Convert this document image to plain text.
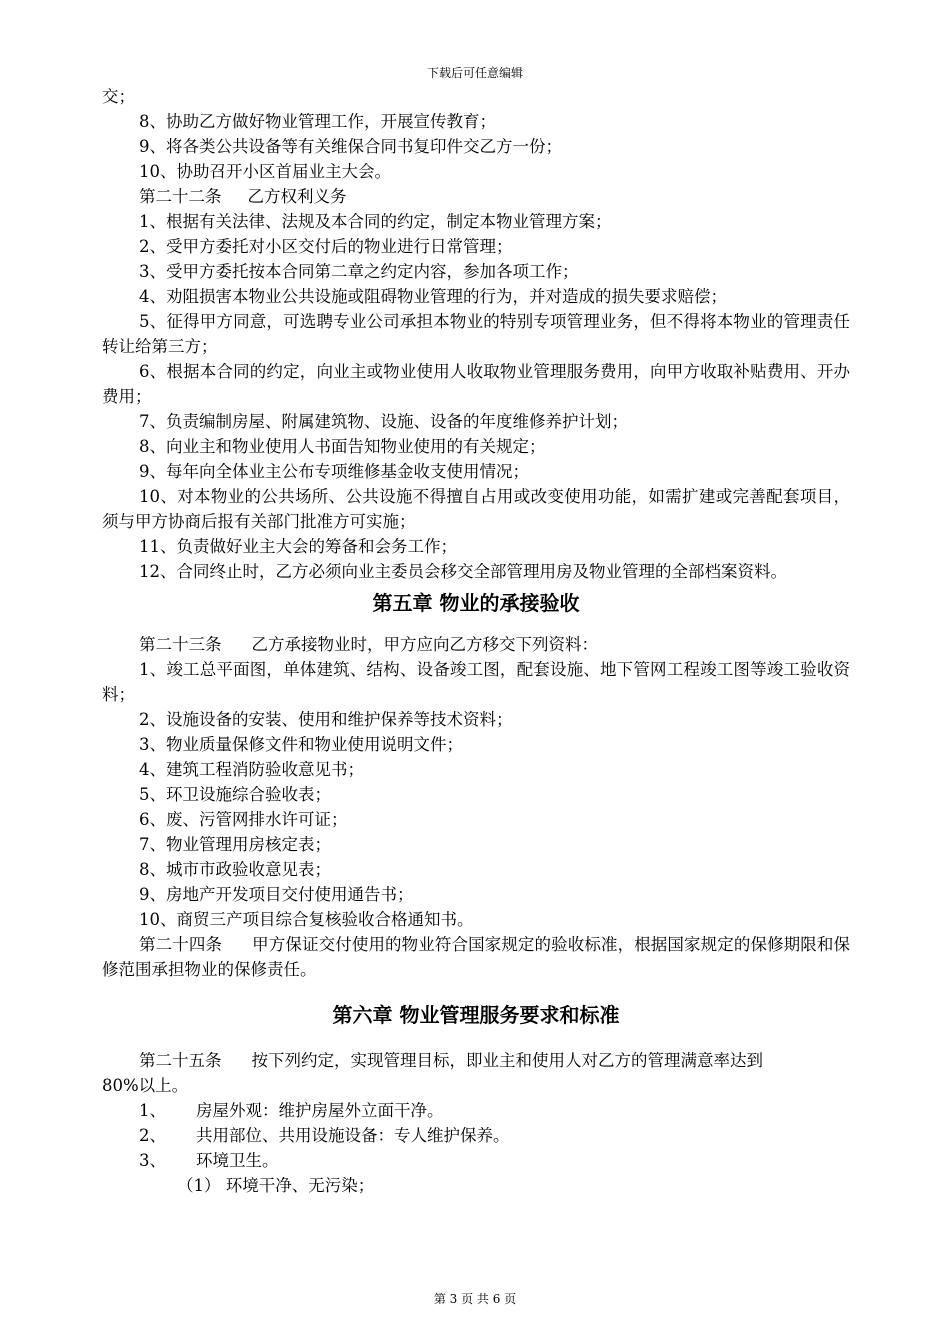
下载后可任意编辑
交；
8、协助乙方做好物业管理工作，开展宣传教育；
9、将各类公共设备等有关维保合同书复印件交乙方一份；
10、协助召开小区首届业主大会。
第二十二条 乙方权利义务
1、根据有关法律、法规及本合同的约定，制定本物业管理方案；
2、受甲方委托对小区交付后的物业进行日常管理；
3、受甲方委托按本合同第二章之约定内容，参加各项工作；
4、劝阻损害本物业公共设施或阻碍物业管理的行为，并对造成的损失要求赔偿；
5、征得甲方同意，可选聘专业公司承担本物业的特别专项管理业务，但不得将本物业的管理责任转让给第三方；
6、根据本合同的约定，向业主或物业使用人收取物业管理服务费用，向甲方收取补贴费用、开办费用；
7、负责编制房屋、附属建筑物、设施、设备的年度维修养护计划；
8、向业主和物业使用人书面告知物业使用的有关规定；
9、每年向全体业主公布专项维修基金收支使用情况；
10、对本物业的公共场所、公共设施不得擅自占用或改变使用功能，如需扩建或完善配套项目，须与甲方协商后报有关部门批准方可实施；
11、负责做好业主大会的筹备和会务工作；
12、合同终止时，乙方必须向业主委员会移交全部管理用房及物业管理的全部档案资料。
第五章 物业的承接验收
第二十三条 乙方承接物业时，甲方应向乙方移交下列资料：
1、竣工总平面图，单体建筑、结构、设备竣工图，配套设施、地下管网工程竣工图等竣工验收资料；
2、设施设备的安装、使用和维护保养等技术资料；
3、物业质量保修文件和物业使用说明文件；
4、建筑工程消防验收意见书；
5、环卫设施综合验收表；
6、废、污管网排水许可证；
7、物业管理用房核定表；
8、城市市政验收意见表；
9、房地产开发项目交付使用通告书；
10、商贸三产项目综合复核验收合格通知书。
第二十四条 甲方保证交付使用的物业符合国家规定的验收标准，根据国家规定的保修期限和保修范围承担物业的保修责任。
第六章 物业管理服务要求和标准
第二十五条 按下列约定，实现管理目标，即业主和使用人对乙方的管理满意率达到
80%以上。
1、 房屋外观：维护房屋外立面干净。
2、 共用部位、共用设施设备：专人维护保养。
3、 环境卫生。
（1） 环境干净、无污染；
第 3 页 共 6 页
